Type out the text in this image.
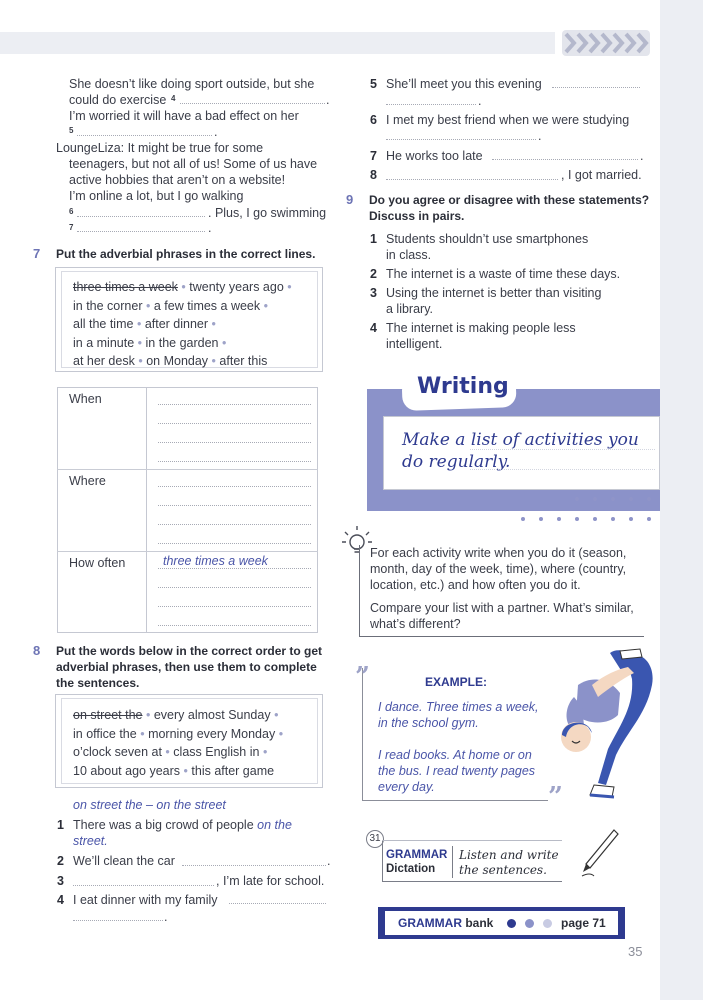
She doesn’t like doing sport outside, but she
could do exercise 4	.
I’m worried it will have a bad effect on her
5	.
LoungeLiza: It might be true for some
teenagers, but not all of us! Some of us have
active hobbies that aren’t on a website!
I’m online a lot, but I go walking
6	. Plus, I go swimming
7	.
7 Put the adverbial phrases in the correct lines.
three times a week • twenty years ago •
in the corner • a few times a week •
all the time • after dinner •
in a minute • in the garden •
at her desk • on Monday • after this
When
Where
How often	three times a week
8 Put the words below in the correct order to get
adverbial phrases, then use them to complete
the sentences.
on street the • every almost Sunday •
in office the • morning every Monday •
o’clock seven at • class English in •
10 about ago years • this after game
on street the – on the street
1 There was a big crowd of people on the
street.
2 We’ll clean the car	.
3	, I’m late for school.
4 I eat dinner with my family
.
5 She’ll meet you this evening
.
6 I met my best friend when we were studying
.
7 He works too late	.
8	, I got married.
9 Do you agree or disagree with these statements?
Discuss in pairs.
1 Students shouldn’t use smartphones
in class.
2 The internet is a waste of time these days.
3 Using the internet is better than visiting
a library.
4 The internet is making people less
intelligent.
Writing
Make a list of activities you
do regularly.
For each activity write when you do it (season,
month, day of the week, time), where (country,
location, etc.) and how often you do it.
Compare your list with a partner. What’s similar,
what’s different?
”
”
EXAMPLE:
I dance. Three times a week,
in the school gym.
I read books. At home or on
the bus. I read twenty pages
every day.
31
GRAMMAR
Dictation
Listen and write
the sentences.
GRAMMAR bank	page 71
35
